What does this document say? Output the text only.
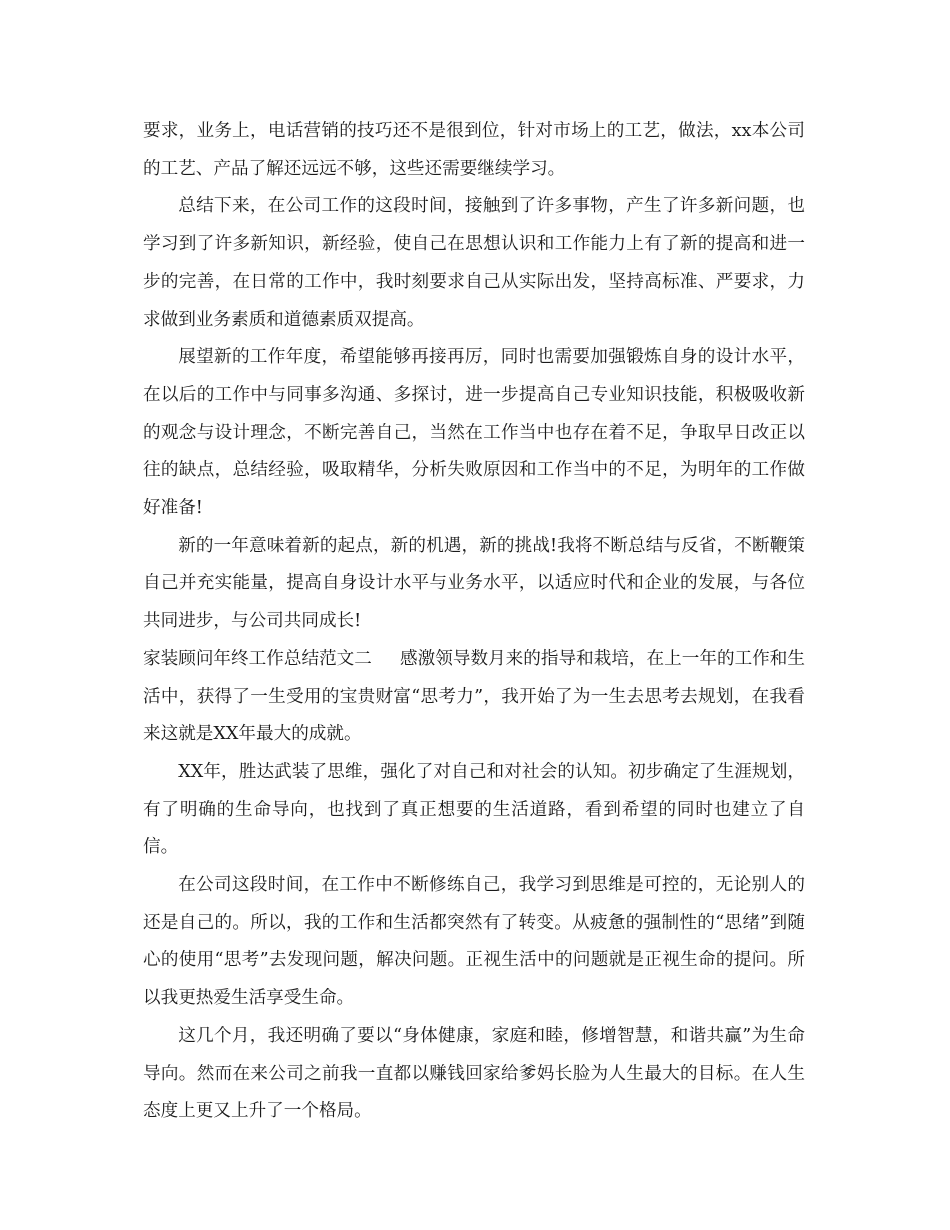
要求，业务上，电话营销的技巧还不是很到位，针对市场上的工艺，做法，xx本公司的工艺、产品了解还远远不够，这些还需要继续学习。

总结下来，在公司工作的这段时间，接触到了许多事物，产生了许多新问题，也学习到了许多新知识，新经验，使自己在思想认识和工作能力上有了新的提高和进一步的完善，在日常的工作中，我时刻要求自己从实际出发，坚持高标准、严要求，力求做到业务素质和道德素质双提高。

展望新的工作年度，希望能够再接再厉，同时也需要加强锻炼自身的设计水平，在以后的工作中与同事多沟通、多探讨，进一步提高自己专业知识技能，积极吸收新的观念与设计理念，不断完善自己，当然在工作当中也存在着不足，争取早日改正以往的缺点，总结经验，吸取精华，分析失败原因和工作当中的不足，为明年的工作做好准备!

新的一年意味着新的起点，新的机遇，新的挑战!我将不断总结与反省，不断鞭策自己并充实能量，提高自身设计水平与业务水平，以适应时代和企业的发展，与各位共同进步，与公司共同成长!

家装顾问年终工作总结范文二 感激领导数月来的指导和栽培，在上一年的工作和生活中，获得了一生受用的宝贵财富“思考力”，我开始了为一生去思考去规划，在我看来这就是XX年最大的成就。

XX年，胜达武装了思维，强化了对自己和对社会的认知。初步确定了生涯规划，有了明确的生命导向，也找到了真正想要的生活道路，看到希望的同时也建立了自信。

在公司这段时间，在工作中不断修练自己，我学习到思维是可控的，无论别人的还是自己的。所以，我的工作和生活都突然有了转变。从疲惫的强制性的“思绪”到随心的使用“思考”去发现问题，解决问题。正视生活中的问题就是正视生命的提问。所以我更热爱生活享受生命。

这几个月，我还明确了要以“身体健康，家庭和睦，修增智慧，和谐共赢”为生命导向。然而在来公司之前我一直都以赚钱回家给爹妈长脸为人生最大的目标。在人生态度上更又上升了一个格局。
